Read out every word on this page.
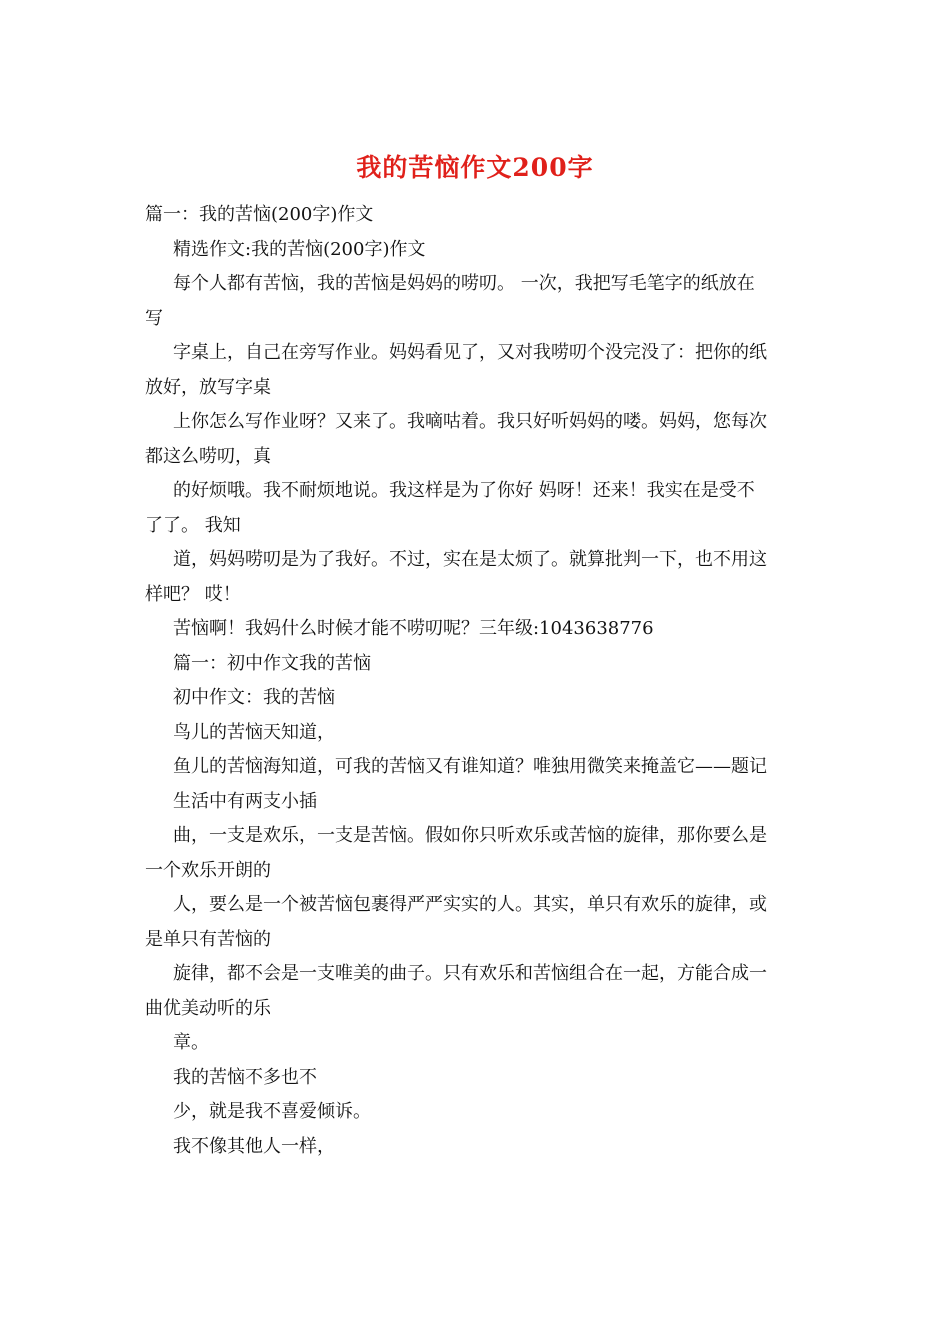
我的苦恼作文200字
篇一：我的苦恼(200字)作文
精选作文:我的苦恼(200字)作文
每个人都有苦恼，我的苦恼是妈妈的唠叨。 一次，我把写毛笔字的纸放在
写
字桌上，自己在旁写作业。妈妈看见了，又对我唠叨个没完没了：把你的纸
放好，放写字桌
上你怎么写作业呀？又来了。我嘀咕着。我只好听妈妈的喽。妈妈，您每次
都这么唠叨，真
的好烦哦。我不耐烦地说。我这样是为了你好 妈呀！还来！我实在是受不
了了。 我知
道，妈妈唠叨是为了我好。不过，实在是太烦了。就算批判一下，也不用这
样吧？ 哎！
苦恼啊！我妈什么时候才能不唠叨呢？三年级:1043638776
篇一：初中作文我的苦恼
初中作文：我的苦恼
鸟儿的苦恼天知道，
鱼儿的苦恼海知道，可我的苦恼又有谁知道？唯独用微笑来掩盖它——题记
生活中有两支小插
曲，一支是欢乐，一支是苦恼。假如你只听欢乐或苦恼的旋律，那你要么是
一个欢乐开朗的
人，要么是一个被苦恼包裹得严严实实的人。其实，单只有欢乐的旋律，或
是单只有苦恼的
旋律，都不会是一支唯美的曲子。只有欢乐和苦恼组合在一起，方能合成一
曲优美动听的乐
章。
我的苦恼不多也不
少，就是我不喜爱倾诉。
我不像其他人一样，
